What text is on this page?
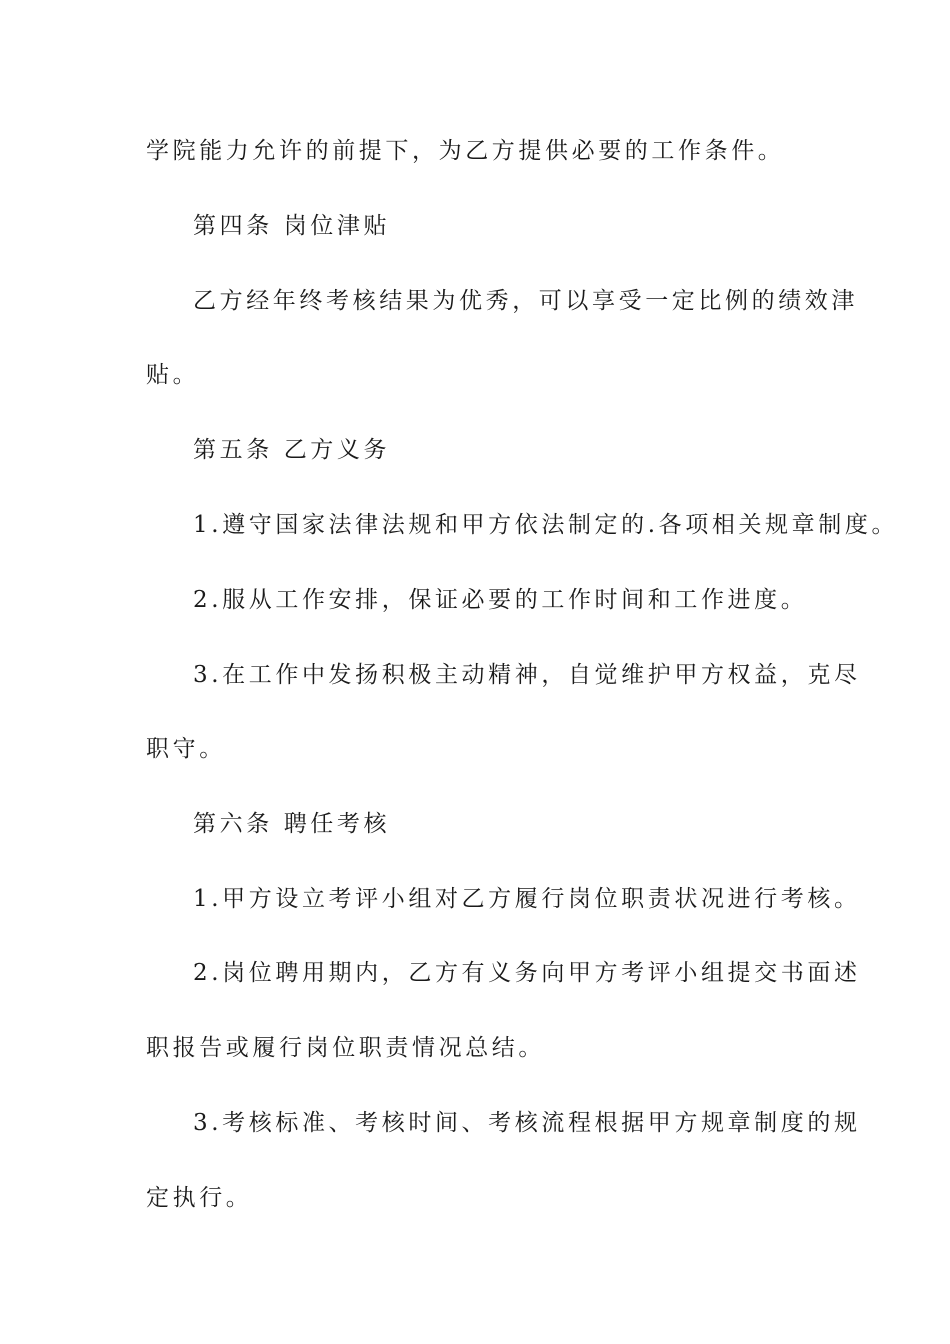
学院能力允许的前提下，为乙方提供必要的工作条件。

第四条 岗位津贴

乙方经年终考核结果为优秀，可以享受一定比例的绩效津

贴。

第五条 乙方义务

1.遵守国家法律法规和甲方依法制定的.各项相关规章制度。

2.服从工作安排，保证必要的工作时间和工作进度。

3.在工作中发扬积极主动精神，自觉维护甲方权益，克尽

职守。

第六条 聘任考核

1.甲方设立考评小组对乙方履行岗位职责状况进行考核。

2.岗位聘用期内，乙方有义务向甲方考评小组提交书面述

职报告或履行岗位职责情况总结。

3.考核标准、考核时间、考核流程根据甲方规章制度的规

定执行。
